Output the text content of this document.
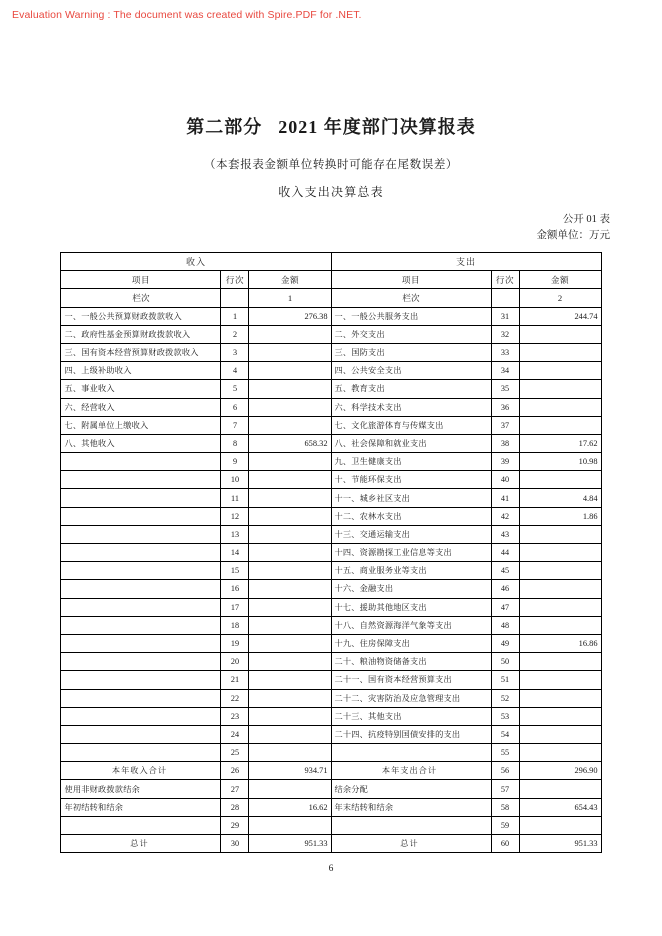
Evaluation Warning : The document was created with Spire.PDF for .NET.
第二部分 2021 年度部门决算报表
（本套报表金额单位转换时可能存在尾数误差）
收入支出决算总表
公开 01 表
金额单位：万元
收入			支出		
项目	行次	金额	项目	行次	金额
栏次		1	栏次		2
一、一般公共预算财政拨款收入	1	276.38	一、一般公共服务支出	31	244.74
二、政府性基金预算财政拨款收入	2		二、外交支出	32	
三、国有资本经营预算财政拨款收入	3		三、国防支出	33	
四、上级补助收入	4		四、公共安全支出	34	
五、事业收入	5		五、教育支出	35	
六、经营收入	6		六、科学技术支出	36	
七、附属单位上缴收入	7		七、文化旅游体育与传媒支出	37	
八、其他收入	8	658.32	八、社会保障和就业支出	38	17.62
	9		九、卫生健康支出	39	10.98
	10		十、节能环保支出	40	
	11		十一、城乡社区支出	41	4.84
	12		十二、农林水支出	42	1.86
	13		十三、交通运输支出	43	
	14		十四、资源勘探工业信息等支出	44	
	15		十五、商业服务业等支出	45	
	16		十六、金融支出	46	
	17		十七、援助其他地区支出	47	
	18		十八、自然资源海洋气象等支出	48	
	19		十九、住房保障支出	49	16.86
	20		二十、粮油物资储备支出	50	
	21		二十一、国有资本经营预算支出	51	
	22		二十二、灾害防治及应急管理支出	52	
	23		二十三、其他支出	53	
	24		二十四、抗疫特别国债安排的支出	54	
	25			55	
本年收入合计	26	934.71	本年支出合计	56	296.90
使用非财政拨款结余	27		结余分配	57	
年初结转和结余	28	16.62	年末结转和结余	58	654.43
	29			59	
总计	30	951.33	总计	60	951.33
6
